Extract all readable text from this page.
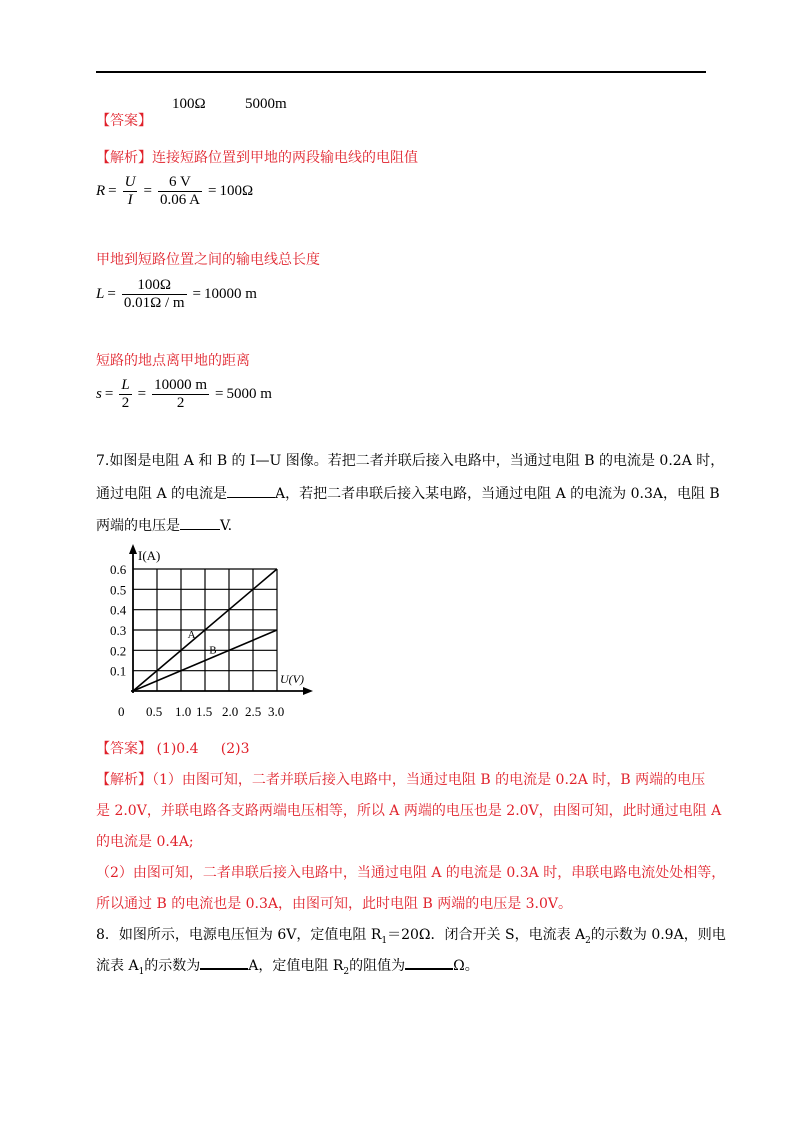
【答案】
100Ω	5000m
【解析】连接短路位置到甲地的两段输电线的电阻值
$R = \frac{U}{I} = \frac{6 V}{0.06 A} = 100\Omega$
甲地到短路位置之间的输电线总长度
$L = \frac{100\Omega}{0.01\Omega / m} = 10000$ m
短路的地点离甲地的距离
$s = \frac{L}{2} = \frac{10000 m}{2} = 5000$ m
7.如图是电阻 A 和 B 的 I—U 图像。若把二者并联后接入电路中，当通过电阻 B 的电流是 0.2A 时，
通过电阻 A 的电流是	A，若把二者串联后接入某电路，当通过电阻 A 的电流为 0.3A，电阻 B
两端的电压是	V.
A
B
0.1
0.2
0.3
0.4
0.5
0.6
0 0.5 1.0 1.5 2.0 2.5 3.0
I(A)
U(V)
【答案】 (1)0.4     (2)3
【解析】（1）由图可知，二者并联后接入电路中，当通过电阻 B 的电流是 0.2A 时，B 两端的电压
是 2.0V，并联电路各支路两端电压相等，所以 A 两端的电压也是 2.0V，由图可知，此时通过电阻 A
的电流是 0.4A;
（2）由图可知，二者串联后接入电路中，当通过电阻 A 的电流是 0.3A 时，串联电路电流处处相等，
所以通过 B 的电流也是 0.3A，由图可知，此时电阻 B 两端的电压是 3.0V。
8．如图所示，电源电压恒为 6V，定值电阻 $R_1=20\Omega$．闭合开关 S，电流表 $A_2$的示数为 0.9A，则电
流表 $A_1$的示数为	A，定值电阻 $R_2$的阻值为	Ω。
